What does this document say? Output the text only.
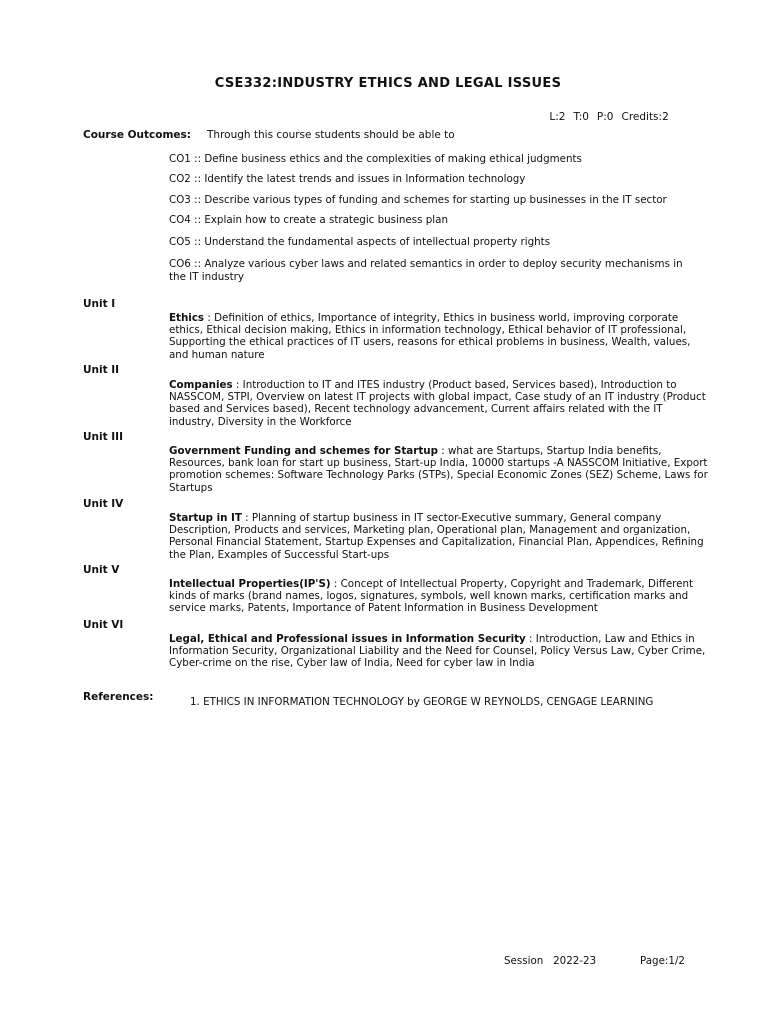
CSE332:INDUSTRY ETHICS AND LEGAL ISSUES

L:2 T:0 P:0 Credits:2

Course Outcomes: Through this course students should be able to
CO1 :: Define business ethics and the complexities of making ethical judgments
CO2 :: Identify the latest trends and issues in Information technology
CO3 :: Describe various types of funding and schemes for starting up businesses in the IT sector
CO4 :: Explain how to create a strategic business plan
CO5 :: Understand the fundamental aspects of intellectual property rights
CO6 :: Analyze various cyber laws and related semantics in order to deploy security mechanisms in the IT industry
Unit I
Ethics : Definition of ethics, Importance of integrity, Ethics in business world, improving corporate ethics, Ethical decision making, Ethics in information technology, Ethical behavior of IT professional, Supporting the ethical practices of IT users, reasons for ethical problems in business, Wealth, values, and human nature
Unit II
Companies : Introduction to IT and ITES industry (Product based, Services based), Introduction to NASSCOM, STPI, Overview on latest IT projects with global impact, Case study of an IT industry (Product based and Services based), Recent technology advancement, Current affairs related with the IT industry, Diversity in the Workforce
Unit III
Government Funding and schemes for Startup : what are Startups, Startup India benefits, Resources, bank loan for start up business, Start-up India, 10000 startups -A NASSCOM Initiative, Export promotion schemes: Software Technology Parks (STPs), Special Economic Zones (SEZ) Scheme, Laws for Startups
Unit IV
Startup in IT : Planning of startup business in IT sector-Executive summary, General company Description, Products and services, Marketing plan, Operational plan, Management and organization, Personal Financial Statement, Startup Expenses and Capitalization, Financial Plan, Appendices, Refining the Plan, Examples of Successful Start-ups
Unit V
Intellectual Properties(IP'S) : Concept of Intellectual Property, Copyright and Trademark, Different kinds of marks (brand names, logos, signatures, symbols, well known marks, certification marks and service marks, Patents, Importance of Patent Information in Business Development
Unit VI
Legal, Ethical and Professional issues in Information Security : Introduction, Law and Ethics in Information Security, Organizational Liability and the Need for Counsel, Policy Versus Law, Cyber Crime, Cyber-crime on the rise, Cyber law of India, Need for cyber law in India
References:	1. ETHICS IN INFORMATION TECHNOLOGY by GEORGE W REYNOLDS, CENGAGE LEARNING
Session   2022-23	Page:1/2
